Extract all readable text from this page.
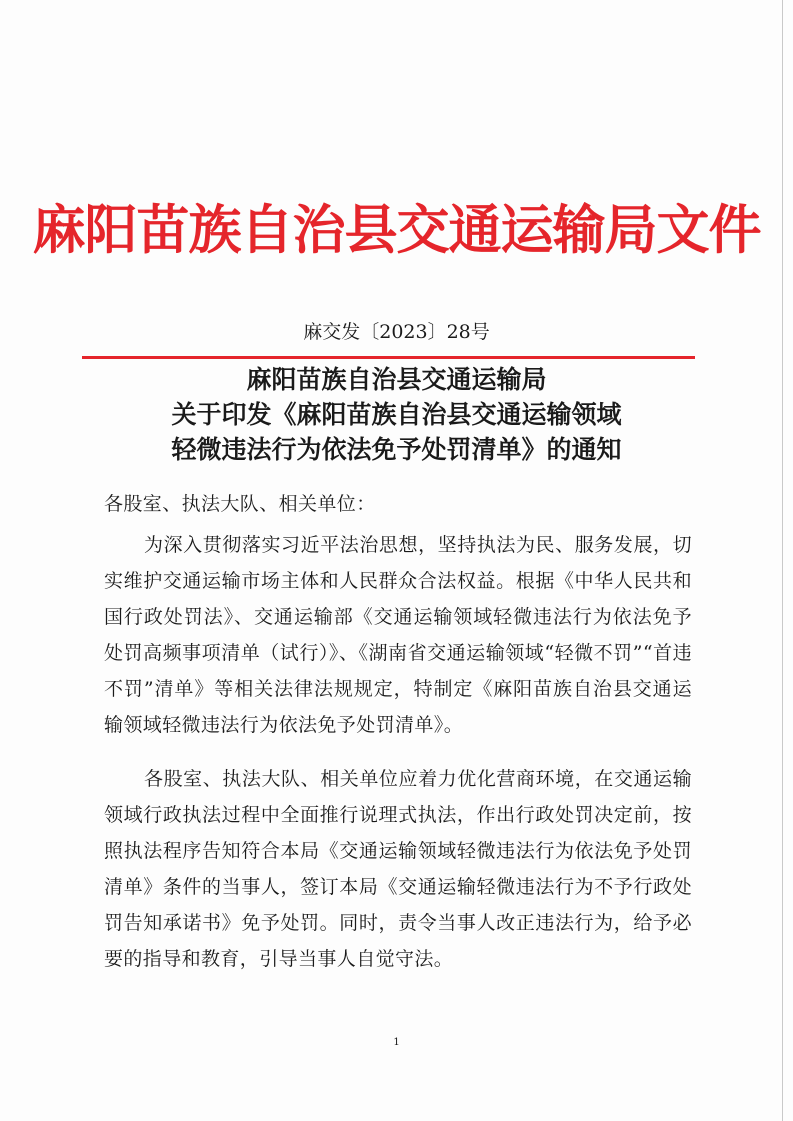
麻阳苗族自治县交通运输局文件
麻交发〔2023〕28号
麻阳苗族自治县交通运输局
关于印发《麻阳苗族自治县交通运输领域
轻微违法行为依法免予处罚清单》的通知
各股室、执法大队、相关单位：

为深入贯彻落实习近平法治思想，坚持执法为民、服务发展，切实维护交通运输市场主体和人民群众合法权益。根据《中华人民共和国行政处罚法》、交通运输部《交通运输领域轻微违法行为依法免予处罚高频事项清单（试行）》、《湖南省交通运输领域“轻微不罚”“首违不罚”清单》等相关法律法规规定，特制定《麻阳苗族自治县交通运输领域轻微违法行为依法免予处罚清单》。

各股室、执法大队、相关单位应着力优化营商环境，在交通运输领域行政执法过程中全面推行说理式执法，作出行政处罚决定前，按照执法程序告知符合本局《交通运输领域轻微违法行为依法免予处罚清单》条件的当事人，签订本局《交通运输轻微违法行为不予行政处罚告知承诺书》免予处罚。同时，责令当事人改正违法行为，给予必要的指导和教育，引导当事人自觉守法。

1
